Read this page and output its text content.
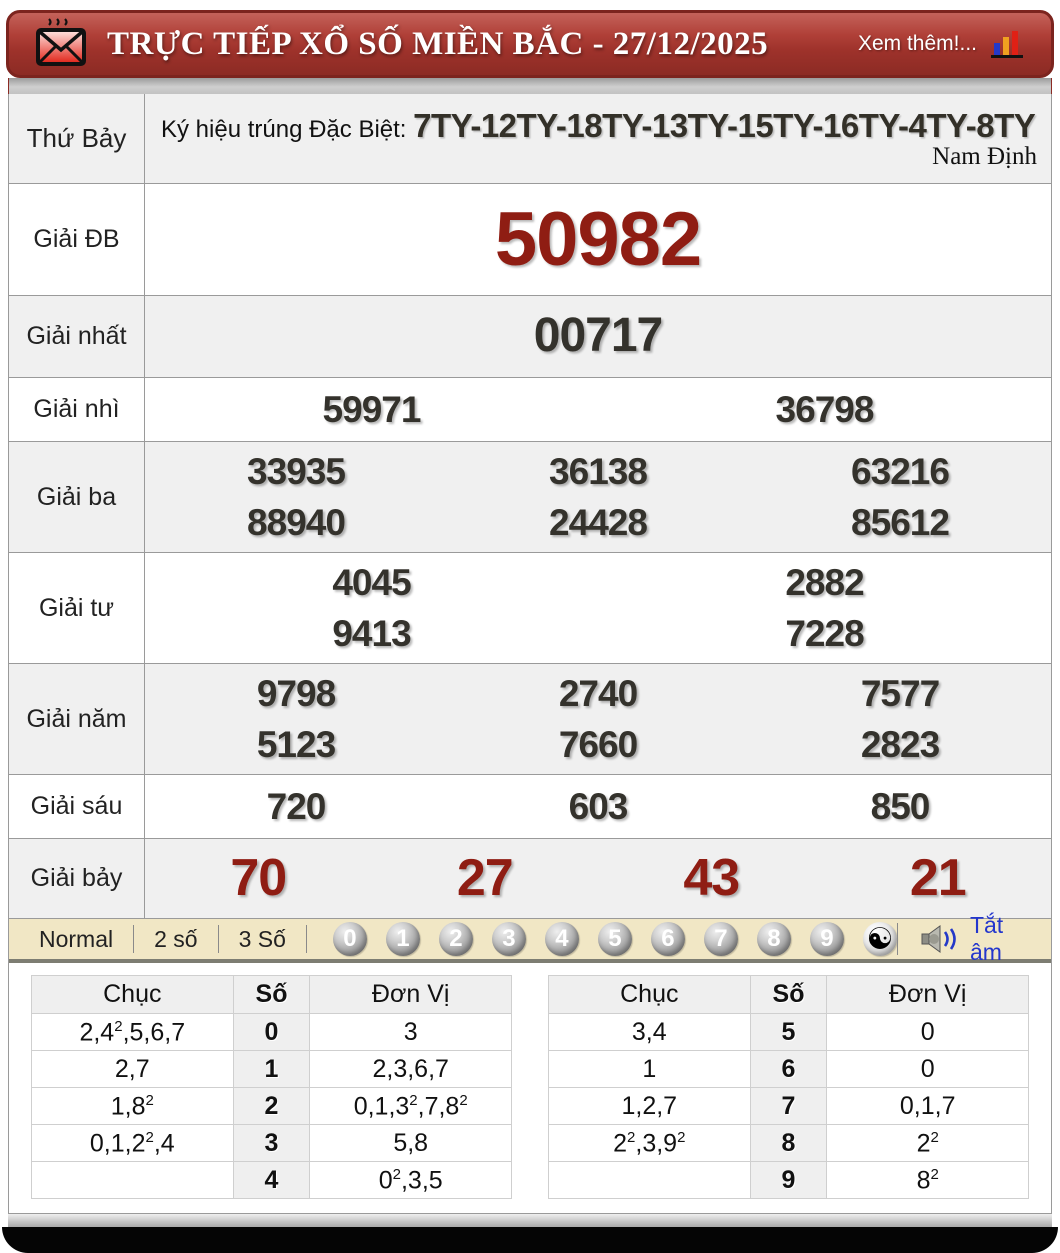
TRỰC TIẾP XỔ SỐ MIỀN BẮC - 27/12/2025	Xem thêm!...
Thứ Bảy	Ký hiệu trúng Đặc Biệt: 7TY-12TY-18TY-13TY-15TY-16TY-4TY-8TY
Nam Định
Giải ĐB	50982
Giải nhất	00717
Giải nhì	59971	36798
Giải ba
33935	36138	63216
88940	24428	85612
Giải tư
4045	2882
9413	7228
Giải năm
9798	2740	7577
5123	7660	2823
Giải sáu	720	603	850
Giải bảy	70	27	43	21
Normal	2 số	3 Số	0	1	2	3	4	5	6	7	8	9	☯	Tắt âm
Chục	Số	Đơn Vị
$2,4^2,5,6,7$	0	3
2,7	1	2,3,6,7
$1,8^2$	2	0,1,3$^2$,7,8$^2$
0,1,2$^2$,4	3	5,8
	4	$0^2,3,5$
Chục	Số	Đơn Vị
3,4	5	0
1	6	0
1,2,7	7	0,1,7
$2^2,3,9^2$	8	$2^2$
	9	$8^2$
